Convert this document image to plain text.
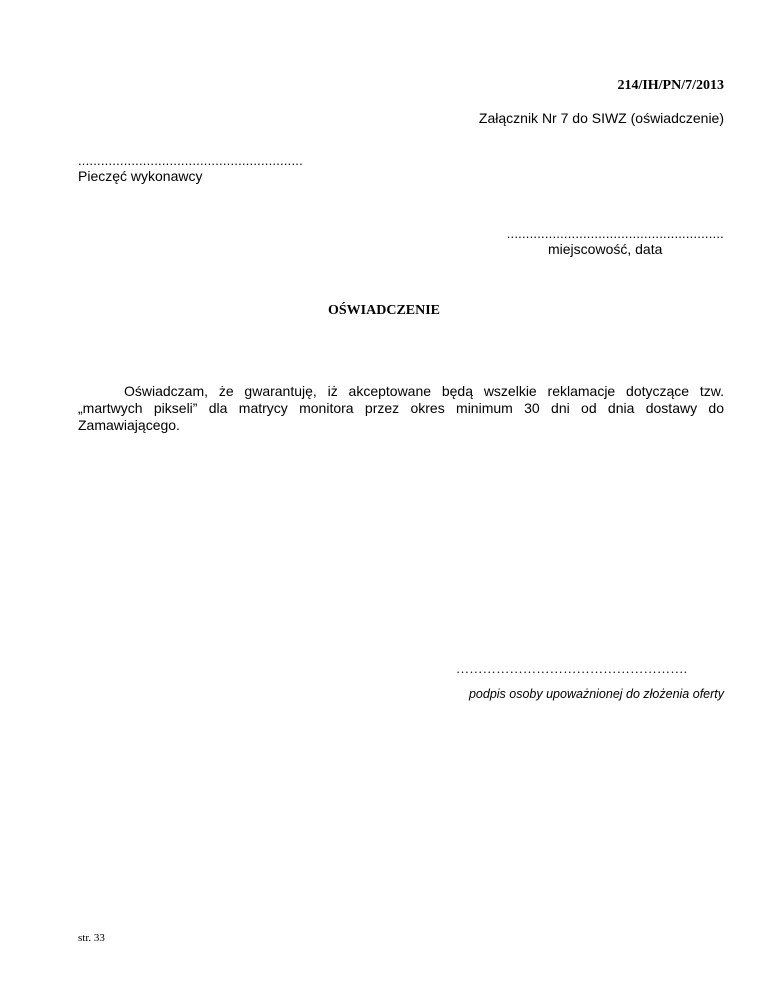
214/IH/PN/7/2013
Załącznik Nr 7 do SIWZ (oświadczenie)
...........................................................
Pieczęć wykonawcy
.........................................................
miejscowość, data
OŚWIADCZENIE
Oświadczam, że gwarantuję, iż akceptowane będą wszelkie reklamacje dotyczące tzw. „martwych pikseli” dla matrycy monitora przez okres minimum 30 dni od dnia dostawy do Zamawiającego.
…………………………………………….
podpis osoby upoważnionej do złożenia oferty
str. 33
